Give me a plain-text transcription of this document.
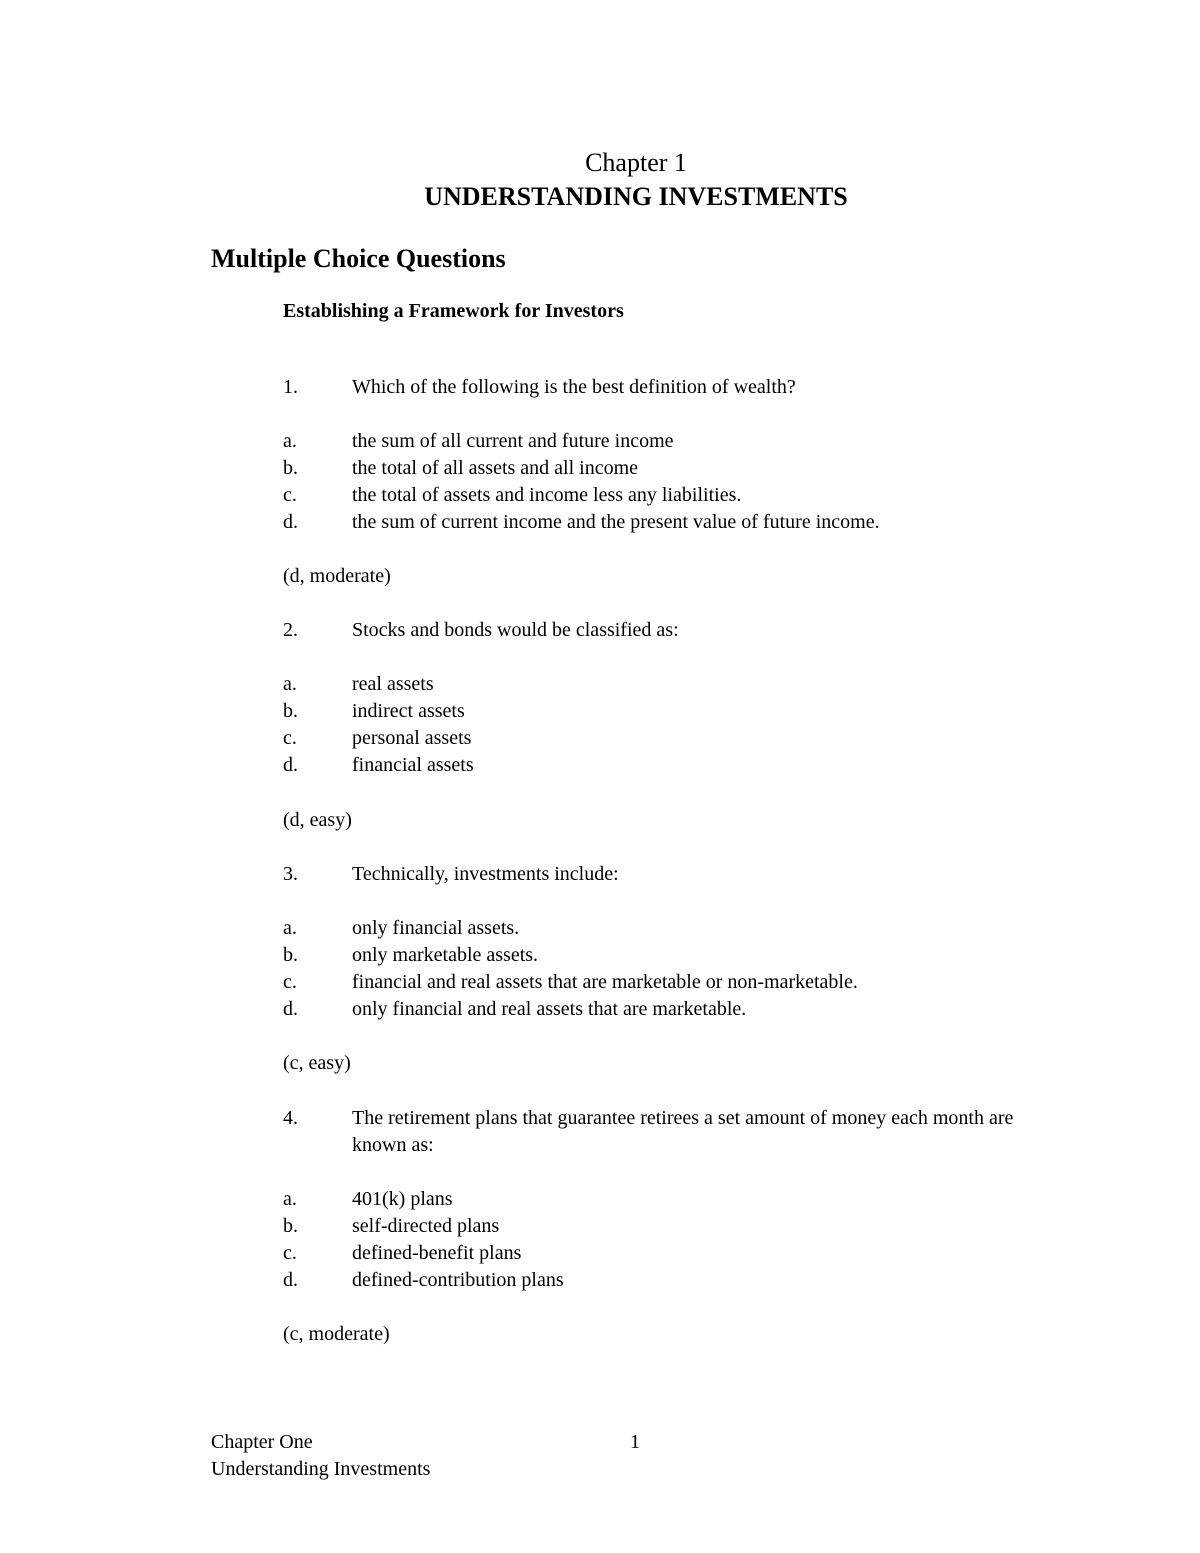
Chapter 1
UNDERSTANDING INVESTMENTS
Multiple Choice Questions
Establishing a Framework for Investors
1.	Which of the following is the best definition of wealth?
a.	the sum of all current and future income
b.	the total of all assets and all income
c.	the total of assets and income less any liabilities.
d.	the sum of current income and the present value of future income.
(d, moderate)
2.	Stocks and bonds would be classified as:
a.	real assets
b.	indirect assets
c.	personal assets
d.	financial assets
(d, easy)
3.	Technically, investments include:
a.	only financial assets.
b.	only marketable assets.
c.	financial and real assets that are marketable or non-marketable.
d.	only financial and real assets that are marketable.
(c, easy)
4.	The retirement plans that guarantee retirees a set amount of money each month are known as:
a.	401(k) plans
b.	self-directed plans
c.	defined-benefit plans
d.	defined-contribution plans
(c, moderate)
Chapter One
Understanding Investments
1
